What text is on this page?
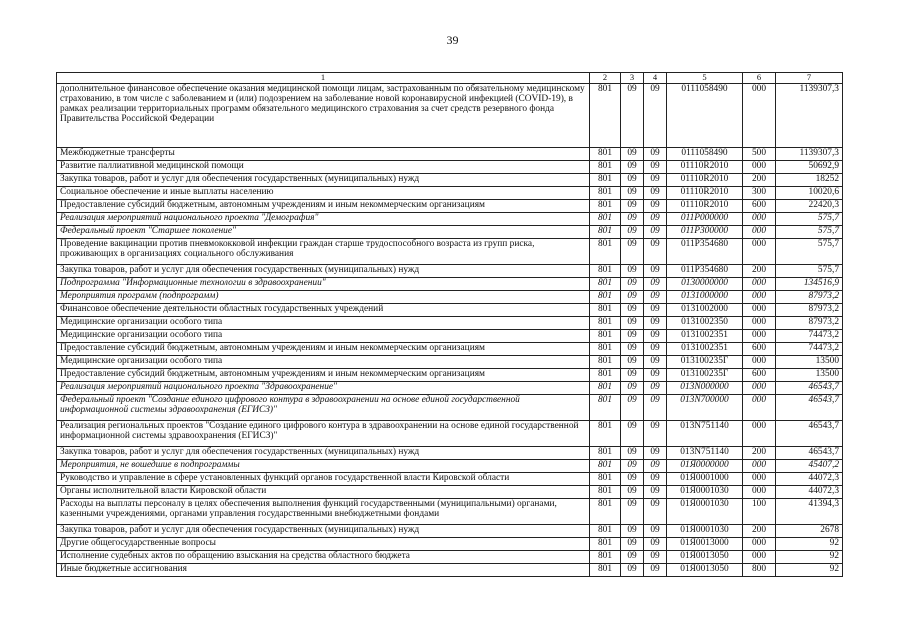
39
1	2	3	4	5	6	7
дополнительное финансовое обеспечение оказания медицинской помощи лицам, застрахованным по обязательному медицинскому страхованию, в том числе с заболеванием и (или) подозрением на заболевание новой коронавирусной инфекцией (COVID-19), в рамках реализации территориальных программ обязательного медицинского страхования за счет средств резервного фонда Правительства Российской Федерации	801	09	09	0111058490	000	1139307,3
Межбюджетные трансферты	801	09	09	0111058490	500	1139307,3
Развитие паллиативной медицинской помощи	801	09	09	01110R2010	000	50692,9
Закупка товаров, работ и услуг для обеспечения государственных (муниципальных) нужд	801	09	09	01110R2010	200	18252
Социальное обеспечение и иные выплаты населению	801	09	09	01110R2010	300	10020,6
Предоставление субсидий бюджетным, автономным учреждениям и иным некоммерческим организациям	801	09	09	01110R2010	600	22420,3
Реализация мероприятий национального проекта "Демография"	801	09	09	011P000000	000	575,7
Федеральный проект "Старшее поколение"	801	09	09	011P300000	000	575,7
Проведение вакцинации против пневмококковой инфекции граждан старше трудоспособного возраста из групп риска, проживающих в организациях социального обслуживания	801	09	09	011P354680	000	575,7
Закупка товаров, работ и услуг для обеспечения государственных (муниципальных) нужд	801	09	09	011P354680	200	575,7
Подпрограмма "Информационные технологии в здравоохранении"	801	09	09	0130000000	000	134516,9
Мероприятия программ (подпрограмм)	801	09	09	0131000000	000	87973,2
Финансовое обеспечение деятельности областных государственных учреждений	801	09	09	0131002000	000	87973,2
Медицинские организации особого типа	801	09	09	0131002350	000	87973,2
Медицинские организации особого типа	801	09	09	0131002351	000	74473,2
Предоставление субсидий бюджетным, автономным учреждениям и иным некоммерческим организациям	801	09	09	0131002351	600	74473,2
Медицинские организации особого типа	801	09	09	013100235Г	000	13500
Предоставление субсидий бюджетным, автономным учреждениям и иным некоммерческим организациям	801	09	09	013100235Г	600	13500
Реализация мероприятий национального проекта "Здравоохранение"	801	09	09	013N000000	000	46543,7
Федеральный проект "Создание единого цифрового контура в здравоохранении на основе единой государственной информационной системы здравоохранения (ЕГИСЗ)"	801	09	09	013N700000	000	46543,7
Реализация региональных проектов "Создание единого цифрового контура в здравоохранении на основе единой государственной информационной системы здравоохранения (ЕГИСЗ)"	801	09	09	013N751140	000	46543,7
Закупка товаров, работ и услуг для обеспечения государственных (муниципальных) нужд	801	09	09	013N751140	200	46543,7
Мероприятия, не вошедшие в подпрограммы	801	09	09	01Я0000000	000	45407,2
Руководство и управление в сфере установленных функций органов государственной власти Кировской области	801	09	09	01Я0001000	000	44072,3
Органы исполнительной власти Кировской области	801	09	09	01Я0001030	000	44072,3
Расходы на выплаты персоналу в целях обеспечения выполнения функций государственными (муниципальными) органами, казенными учреждениями, органами управления государственными внебюджетными фондами	801	09	09	01Я0001030	100	41394,3
Закупка товаров, работ и услуг для обеспечения государственных (муниципальных) нужд	801	09	09	01Я0001030	200	2678
Другие общегосударственные вопросы	801	09	09	01Я0013000	000	92
Исполнение судебных актов по обращению взыскания на средства областного бюджета	801	09	09	01Я0013050	000	92
Иные бюджетные ассигнования	801	09	09	01Я0013050	800	92
